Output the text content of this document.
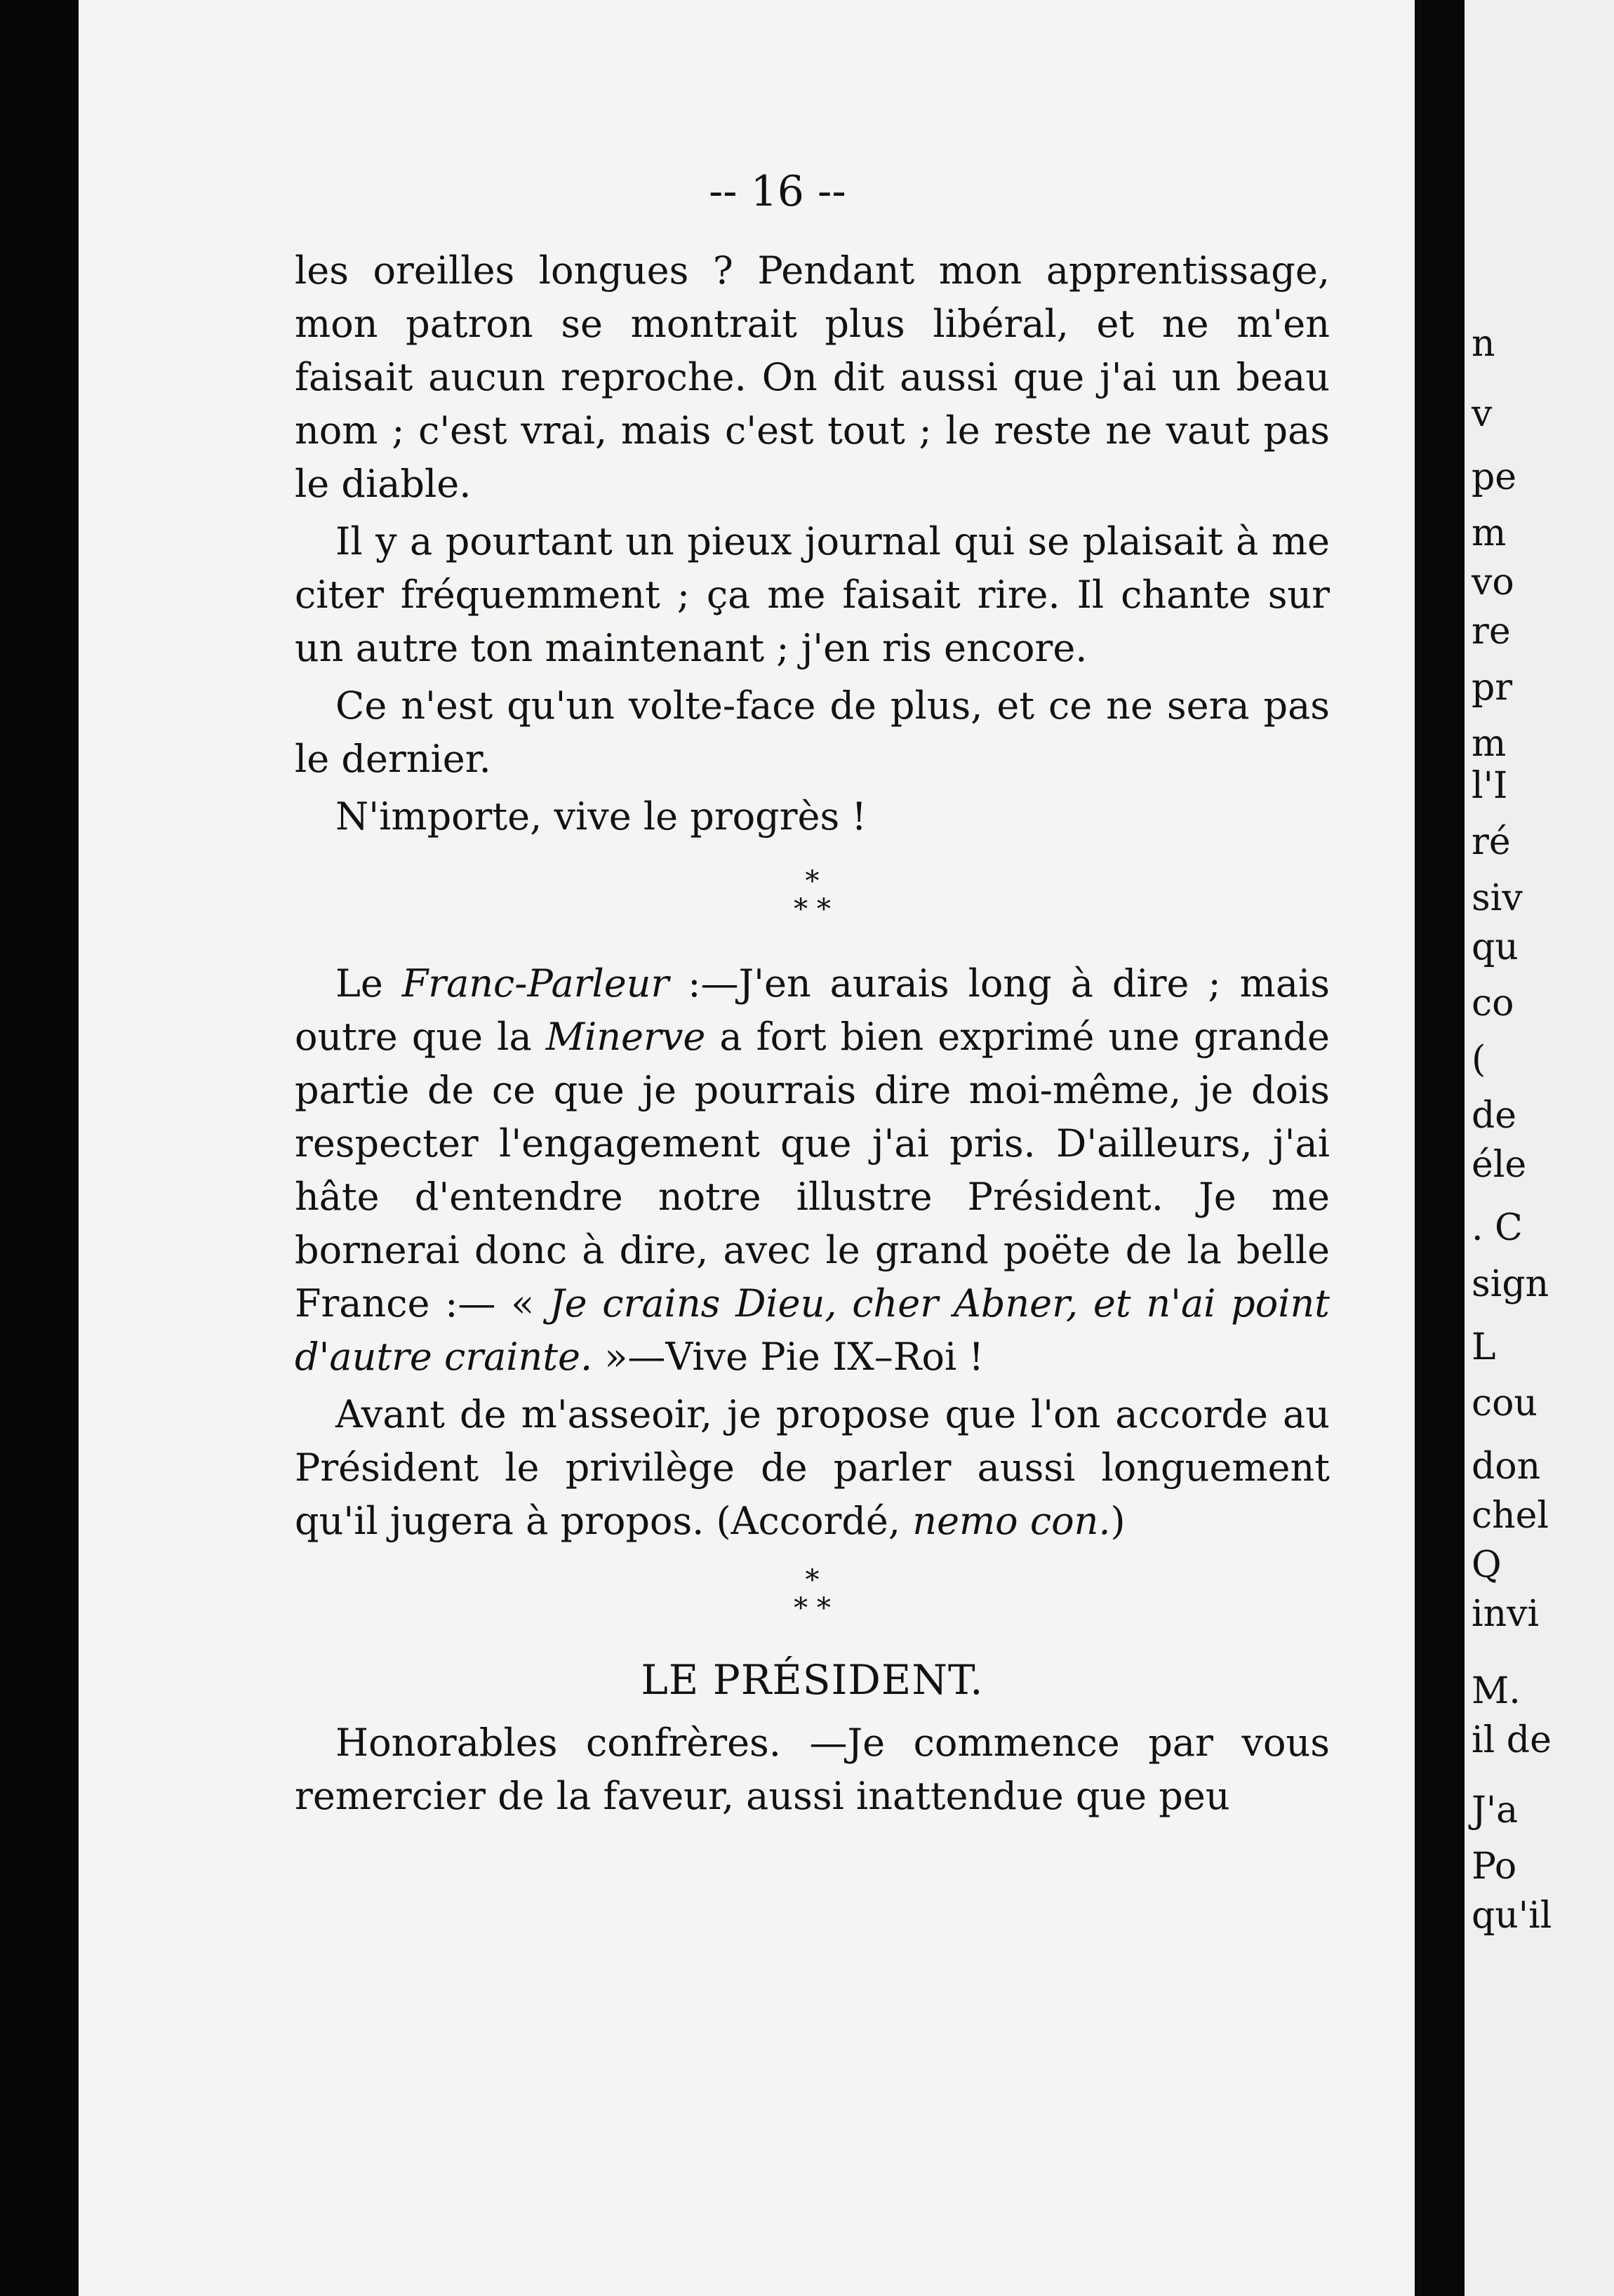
-- 16 --

les oreilles longues ? Pendant mon apprentissage, mon patron se montrait plus libéral, et ne m'en faisait aucun reproche. On dit aussi que j'ai un beau nom ; c'est vrai, mais c'est tout ; le reste ne vaut pas le diable.

Il y a pourtant un pieux journal qui se plaisait à me citer fréquemment ; ça me faisait rire. Il chante sur un autre ton maintenant ; j'en ris encore.

Ce n'est qu'un volte-face de plus, et ce ne sera pas le dernier.

N'importe, vive le progrès !

*
* *

Le Franc-Parleur :—J'en aurais long à dire ; mais outre que la Minerve a fort bien exprimé une grande partie de ce que je pourrais dire moi-même, je dois respecter l'engagement que j'ai pris. D'ailleurs, j'ai hâte d'entendre notre illustre Président. Je me bornerai donc à dire, avec le grand poëte de la belle France :— « Je crains Dieu, cher Abner, et n'ai point d'autre crainte. »—Vive Pie IX–Roi !

Avant de m'asseoir, je propose que l'on accorde au Président le privilège de parler aussi longuement qu'il jugera à propos. (Accordé, nemo con.)

*
* *
LE PRÉSIDENT.

Honorables confrères. —Je commence par vous remercier de la faveur, aussi inattendue que peu

n
v
pe
m
vo
re
pr
m
l'I
ré
siv
qu
co
(
de
éle
. C
sign
L
cou
don
chel
Q
invi
M.
il de
J'a
Po
qu'il
